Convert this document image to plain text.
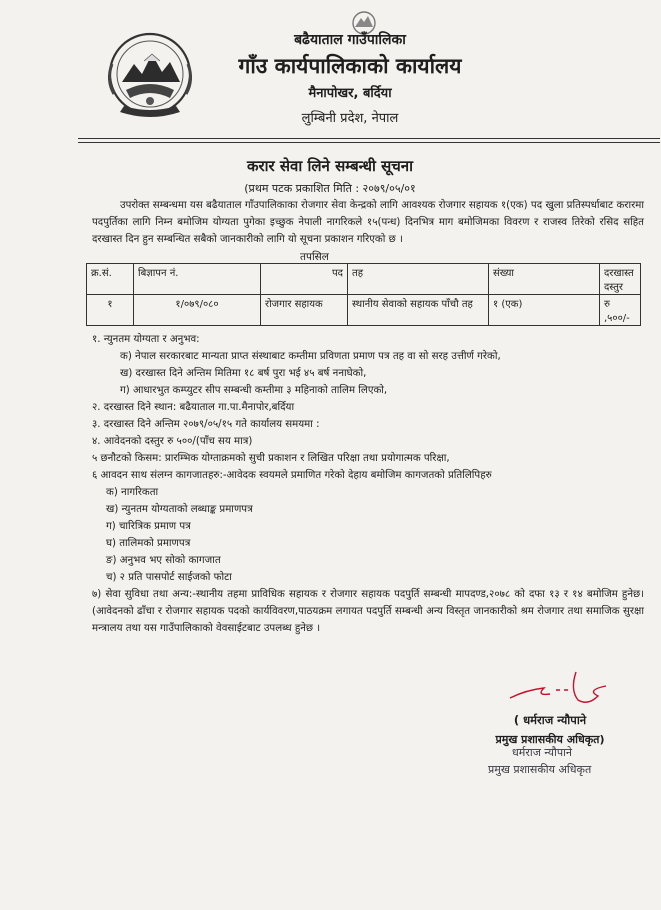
बढैयाताल गाउँपालिका
गाँउ कार्यपालिकाको कार्यालय
मैनापोखर, बर्दिया
लुम्बिनी प्रदेश, नेपाल
करार सेवा लिने सम्बन्धी सूचना
(प्रथम पटक प्रकाशित मिति : २०७९/०५/०१
उपरोक्त सम्बन्धमा यस बढैयाताल गाँउपालिकाका रोजगार सेवा केन्द्रको लागि आवश्यक रोजगार सहायक १(एक) पद खुला प्रतिस्पर्धाबाट करारमा पदपुर्तिका लागि निम्न बमोजिम योग्यता पुगेका इच्छुक नेपाली नागरिकले १५(पन्ध) दिनभित्र माग बमोजिमका विवरण र राजस्व तिरेको रसिद सहित दरखास्त दिन हुन सम्बन्धित सबैको जानकारीको लागि यो सूचना प्रकाशन गरिएको छ ।
तपसिल
क्र.सं.	बिज्ञापन नं.	पद	तह	संख्या	दरखास्त दस्तुर
१	१/०७९/०८०	रोजगार सहायक	स्थानीय सेवाको सहायक पाँचौ तह	१ (एक)	रु ,५००/-
१. न्युनतम योग्यता र अनुभव:
क) नेपाल सरकारबाट मान्यता प्राप्त संस्थाबाट कम्तीमा प्रविणता प्रमाण पत्र तह वा सो सरह उत्तीर्ण गरेको,
ख) दरखास्त दिने अन्तिम मितिमा १८ बर्ष पुरा भई ४५ बर्ष ननाघेको,
ग) आधारभुत कम्प्युटर सीप सम्बन्धी कम्तीमा ३ महिनाको तालिम लिएको,
२. दरखास्त दिने स्थान: बढैयाताल गा.पा.मैनापोर,बर्दिया
३. दरखास्त दिने अन्तिम २०७९/०५/१५ गते कार्यालय समयमा :
४. आवेदनको दस्तुर रु ५००/(पाँच सय मात्र)
५ छनौटको किसम: प्रारम्भिक योग्ताक्रमको सुची प्रकाशन र लिखित परिक्षा तथा प्रयोगात्मक परिक्षा,
६ आवदन साथ संलग्न कागजातहरु:-आवेदक स्वयमले प्रमाणित गरेको देहाय बमोजिम कागजतको प्रतिलिपिहरु
क) नागरिकता
ख) न्युनतम योग्यताको लब्धाङ्क प्रमाणपत्र
ग) चारित्रिक प्रमाण पत्र
घ) तालिमको प्रमाणपत्र
ङ) अनुभव भए सोको कागजात
च) २ प्रति पासपोर्ट साईजको फोटा
७) सेवा सुविधा तथा अन्य:-स्थानीय तहमा प्राविधिक सहायक र रोजगार सहायक पदपुर्ति सम्बन्धी मापदण्ड,२०७८ को दफा १३ र १४ बमोजिम हुनेछ। (आवेदनको ढाँचा र रोजगार सहायक पदको कार्यविवरण,पाठयक्रम लगायत पदपुर्ति सम्बन्धी अन्य विस्तृत जानकारीको श्रम रोजगार तथा समाजिक सुरक्षा मन्त्रालय तथा यस गाउँपालिकाको वेवसाईटबाट उपलब्ध हुनेछ ।
( धर्मराज न्यौपाने
प्रमुख प्रशासकीय अधिकृत)
धर्मराज न्यौपाने
प्रमुख प्रशासकीय अधिकृत
